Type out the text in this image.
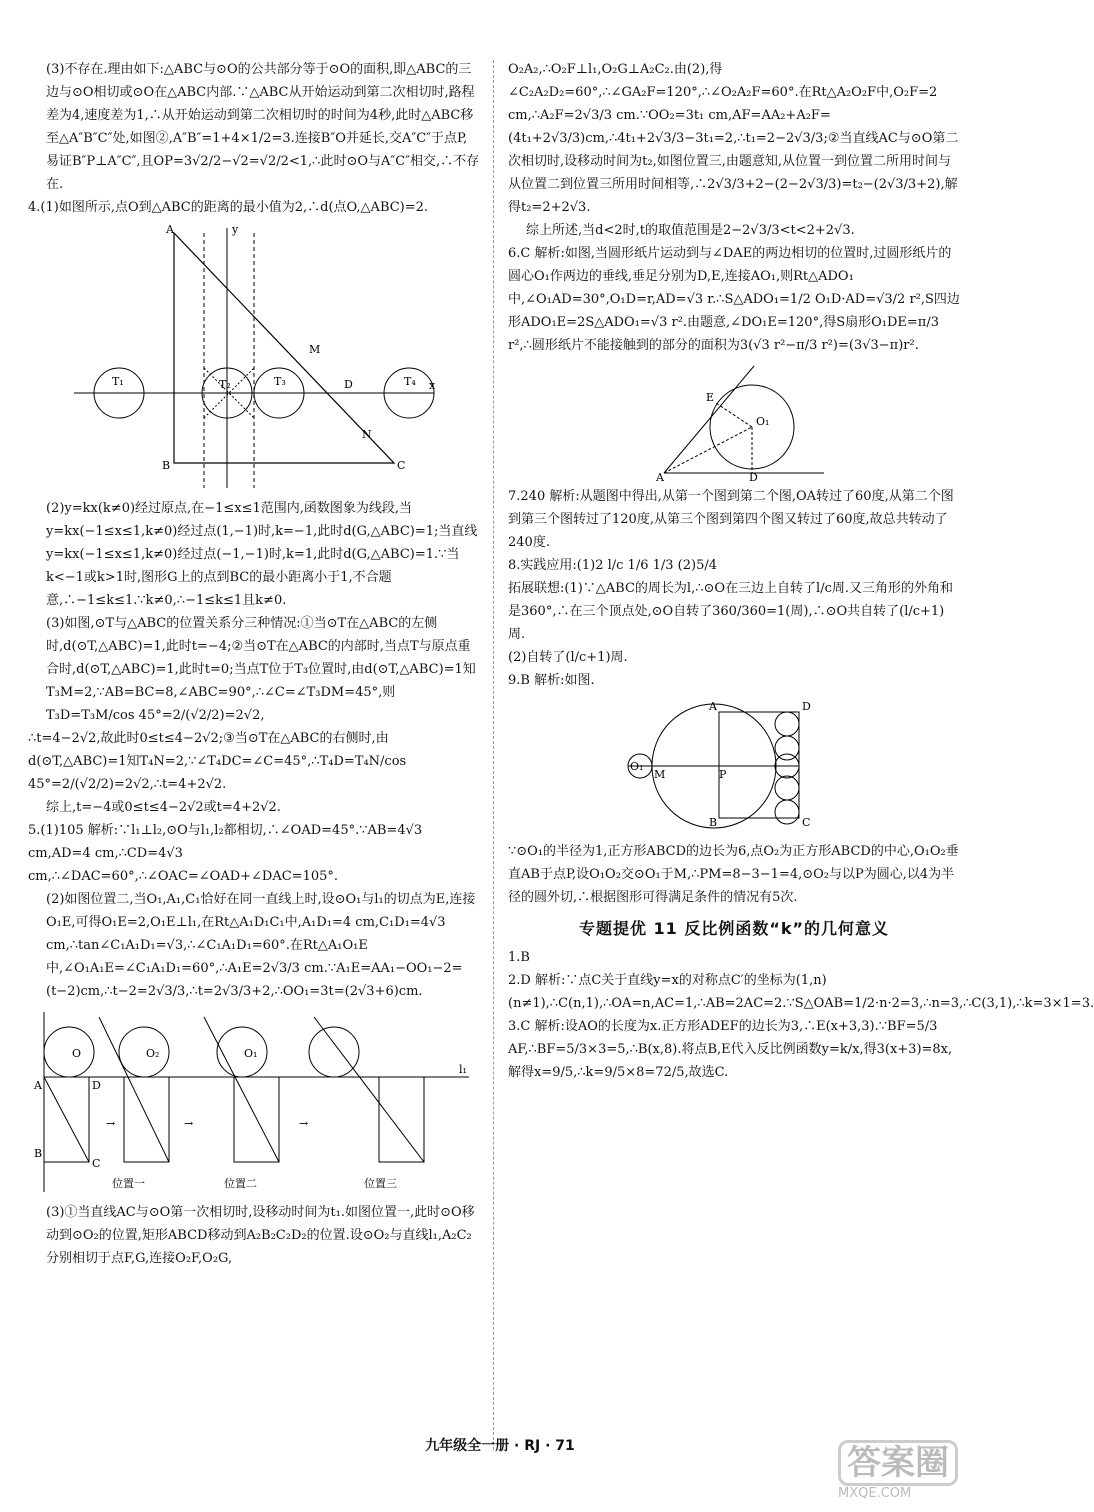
(3)不存在.理由如下:△ABC与⊙O的公共部分等于⊙O的面积,即△ABC的三边与⊙O相切或⊙O在△ABC内部.∵△ABC从开始运动到第二次相切时,路程差为4,速度差为1,∴从开始运动到第二次相切时的时间为4秒,此时△ABC移至△A″B″C″处,如图②,A″B″=1+4×1/2=3.连接B″O并延长,交A″C″于点P,易证B″P⊥A″C″,且OP=3√2/2−√2=√2/2<1,∴此时⊙O与A″C″相交,∴不存在.

4.(1)如图所示,点O到△ABC的距离的最小值为2,∴d(点O,△ABC)=2.

A
B	C
D
M
N
T₁	T₂	T₃	T₄
y
x

(2)y=kx(k≠0)经过原点,在−1≤x≤1范围内,函数图象为线段,当y=kx(−1≤x≤1,k≠0)经过点(1,−1)时,k=−1,此时d(G,△ABC)=1;当直线y=kx(−1≤x≤1,k≠0)经过点(−1,−1)时,k=1,此时d(G,△ABC)=1.∵当k<−1或k>1时,图形G上的点到BC的最小距离小于1,不合题意,∴−1≤k≤1.∵k≠0,∴−1≤k≤1且k≠0.

(3)如图,⊙T与△ABC的位置关系分三种情况:①当⊙T在△ABC的左侧时,d(⊙T,△ABC)=1,此时t=−4;②当⊙T在△ABC的内部时,当点T与原点重合时,d(⊙T,△ABC)=1,此时t=0;当点T位于T₃位置时,由d(⊙T,△ABC)=1知T₃M=2,∵AB=BC=8,∠ABC=90°,∴∠C=∠T₃DM=45°,则T₃D=T₃M/cos 45°=2/(√2/2)=2√2,

∴t=4−2√2,故此时0≤t≤4−2√2;③当⊙T在△ABC的右侧时,由d(⊙T,△ABC)=1知T₄N=2,∵∠T₄DC=∠C=45°,∴T₄D=T₄N/cos 45°=2/(√2/2)=2√2,∴t=4+2√2.

综上,t=−4或0≤t≤4−2√2或t=4+2√2.

5.(1)105 解析:∵l₁⊥l₂,⊙O与l₁,l₂都相切,∴∠OAD=45°.∵AB=4√3 cm,AD=4 cm,∴CD=4√3 cm,∴∠DAC=60°,∴∠OAC=∠OAD+∠DAC=105°.

(2)如图位置二,当O₁,A₁,C₁恰好在同一直线上时,设⊙O₁与l₁的切点为E,连接O₁E,可得O₁E=2,O₁E⊥l₁,在Rt△A₁D₁C₁中,A₁D₁=4 cm,C₁D₁=4√3 cm,∴tan∠C₁A₁D₁=√3,∴∠C₁A₁D₁=60°.在Rt△A₁O₁E中,∠O₁A₁E=∠C₁A₁D₁=60°,∴A₁E=2√3/3 cm.∵A₁E=AA₁−OO₁−2=(t−2)cm,∴t−2=2√3/3,∴t=2√3/3+2,∴OO₁=3t=(2√3+6)cm.

A
B
C
D
O	O₂	O₁
→	→
→
位置一	位置二	位置三
l₁

(3)①当直线AC与⊙O第一次相切时,设移动时间为t₁.如图位置一,此时⊙O移动到⊙O₂的位置,矩形ABCD移动到A₂B₂C₂D₂的位置.设⊙O₂与直线l₁,A₂C₂分别相切于点F,G,连接O₂F,O₂G,

O₂A₂,∴O₂F⊥l₁,O₂G⊥A₂C₂.由(2),得∠C₂A₂D₂=60°,∴∠GA₂F=120°,∴∠O₂A₂F=60°.在Rt△A₂O₂F中,O₂F=2 cm,∴A₂F=2√3/3 cm.∵OO₂=3t₁ cm,AF=AA₂+A₂F=(4t₁+2√3/3)cm,∴4t₁+2√3/3−3t₁=2,∴t₁=2−2√3/3;②当直线AC与⊙O第二次相切时,设移动时间为t₂,如图位置三,由题意知,从位置一到位置二所用时间与从位置二到位置三所用时间相等,∴2√3/3+2−(2−2√3/3)=t₂−(2√3/3+2),解得t₂=2+2√3.

综上所述,当d<2时,t的取值范围是2−2√3/3<t<2+2√3.

6.C 解析:如图,当圆形纸片运动到与∠DAE的两边相切的位置时,过圆形纸片的圆心O₁作两边的垂线,垂足分别为D,E,连接AO₁,则Rt△ADO₁中,∠O₁AD=30°,O₁D=r,AD=√3 r.∴S△ADO₁=1/2 O₁D·AD=√3/2 r²,S四边形ADO₁E=2S△ADO₁=√3 r².由题意,∠DO₁E=120°,得S扇形O₁DE=π/3 r²,∴圆形纸片不能接触到的部分的面积为3(√3 r²−π/3 r²)=(3√3−π)r².

A	D
E
O₁

7.240 解析:从题图中得出,从第一个图到第二个图,OA转过了60度,从第二个图到第三个图转过了120度,从第三个图到第四个图又转过了60度,故总共转动了240度.

8.实践应用:(1)2 l/c 1/6 1/3 (2)5/4

拓展联想:(1)∵△ABC的周长为l,∴⊙O在三边上自转了l/c周.又三角形的外角和是360°,∴在三个顶点处,⊙O自转了360/360=1(周),∴⊙O共自转了(l/c+1)周.

(2)自转了(l/c+1)周.

9.B 解析:如图.

A
B	C
D
M	P
O₁

∵⊙O₁的半径为1,正方形ABCD的边长为6,点O₂为正方形ABCD的中心,O₁O₂垂直AB于点P,设O₁O₂交⊙O₁于M,∴PM=8−3−1=4,⊙O₂与以P为圆心,以4为半径的圆外切,∴根据图形可得满足条件的情况有5次.

专题提优 11 反比例函数“k”的几何意义

1.B

2.D 解析:∵点C关于直线y=x的对称点C′的坐标为(1,n)(n≠1),∴C(n,1),∴OA=n,AC=1,∴AB=2AC=2.∵S△OAB=1/2·n·2=3,∴n=3,∴C(3,1),∴k=3×1=3.

3.C 解析:设AO的长度为x.正方形ADEF的边长为3,∴E(x+3,3).∵BF=5/3 AF,∴BF=5/3×3=5,∴B(x,8).将点B,E代入反比例函数y=k/x,得3(x+3)=8x,解得x=9/5,∴k=9/5×8=72/5,故选C.

九年级全一册 · RJ · 71	答案圈
MXQE.COM
